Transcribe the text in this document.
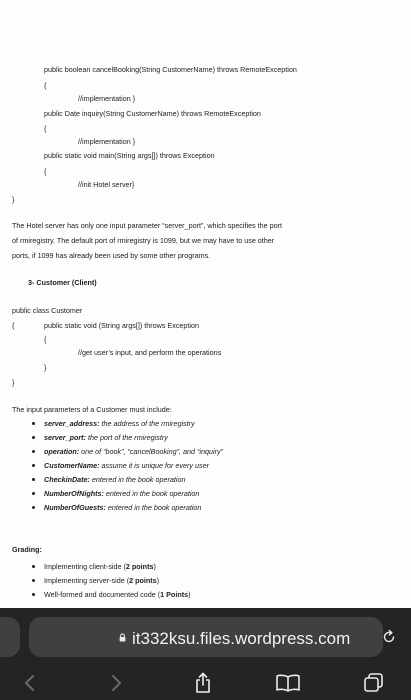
public boolean cancelBooking(String CustomerName) throws RemoteException
{
//implementation }
public Date inquiry(String CustomerName) throws RemoteException
{
//implementation }
public static void main(String args[]) throws Exception
{
//init Hotel server}
}
The Hotel server has only one input parameter “server_port”, which specifies the port
of rmiregistry. The default port of rmiregistry is 1099, but we may have to use other
ports, if 1099 has already been used by some other programs.
3- Customer (Client)
public class Customer
{	public static void (String args[]) throws Exception
{
//get user’s input, and perform the operations
}
}
The input parameters of a Customer must include:
server_address: the address of the rmiregistry
server_port: the port of the rmiregistry
operation: one of “book”, “cancelBooking”, and “inquiry”
CustomerName: assume it is unique for every user
CheckinDate: entered in the book operation
NumberOfNights: entered in the book operation
NumberOfGuests: entered in the book operation
Grading:
Implementing client-side (2 points)
Implementing server-side (2 points)
Well-formed and documented code (1 Points)
it332ksu.files.wordpress.com
